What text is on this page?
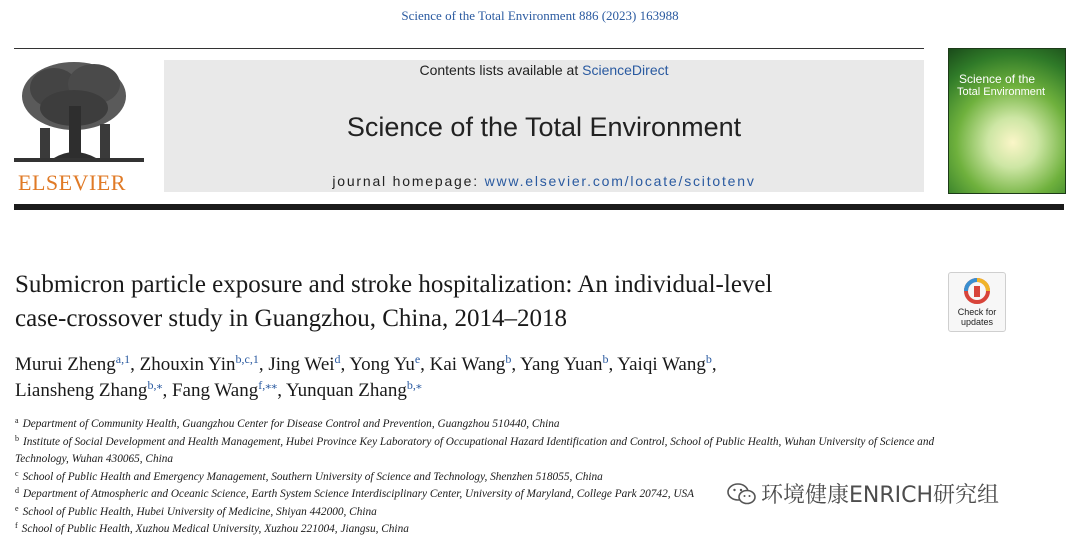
Science of the Total Environment 886 (2023) 163988
ELSEVIER
Contents lists available at ScienceDirect
Science of the Total Environment
journal homepage: www.elsevier.com/locate/scitotenv
Science of the
Total Environment
Submicron particle exposure and stroke hospitalization: An individual-level
case-crossover study in Guangzhou, China, 2014–2018	Check for
updates
Murui Zheng$^{a,1}$, Zhouxin Yin$^{b,c,1}$, Jing Wei$^d$, Yong Yu$^e$, Kai Wang$^b$, Yang Yuan$^b$, Yaiqi Wang$^b$,
Liansheng Zhang$^{b,⁎}$, Fang Wang$^{f,⁎⁎}$, Yunquan Zhang$^{b,⁎}$
$^a$ Department of Community Health, Guangzhou Center for Disease Control and Prevention, Guangzhou 510440, China
$^b$ Institute of Social Development and Health Management, Hubei Province Key Laboratory of Occupational Hazard Identification and Control, School of Public Health, Wuhan University of Science and Technology, Wuhan 430065, China
$^c$ School of Public Health and Emergency Management, Southern University of Science and Technology, Shenzhen 518055, China
$^d$ Department of Atmospheric and Oceanic Science, Earth System Science Interdisciplinary Center, University of Maryland, College Park 20742, USA
$^e$ School of Public Health, Hubei University of Medicine, Shiyan 442000, China
$^f$ School of Public Health, Xuzhou Medical University, Xuzhou 221004, Jiangsu, China
环境健康ENRICH研究组
